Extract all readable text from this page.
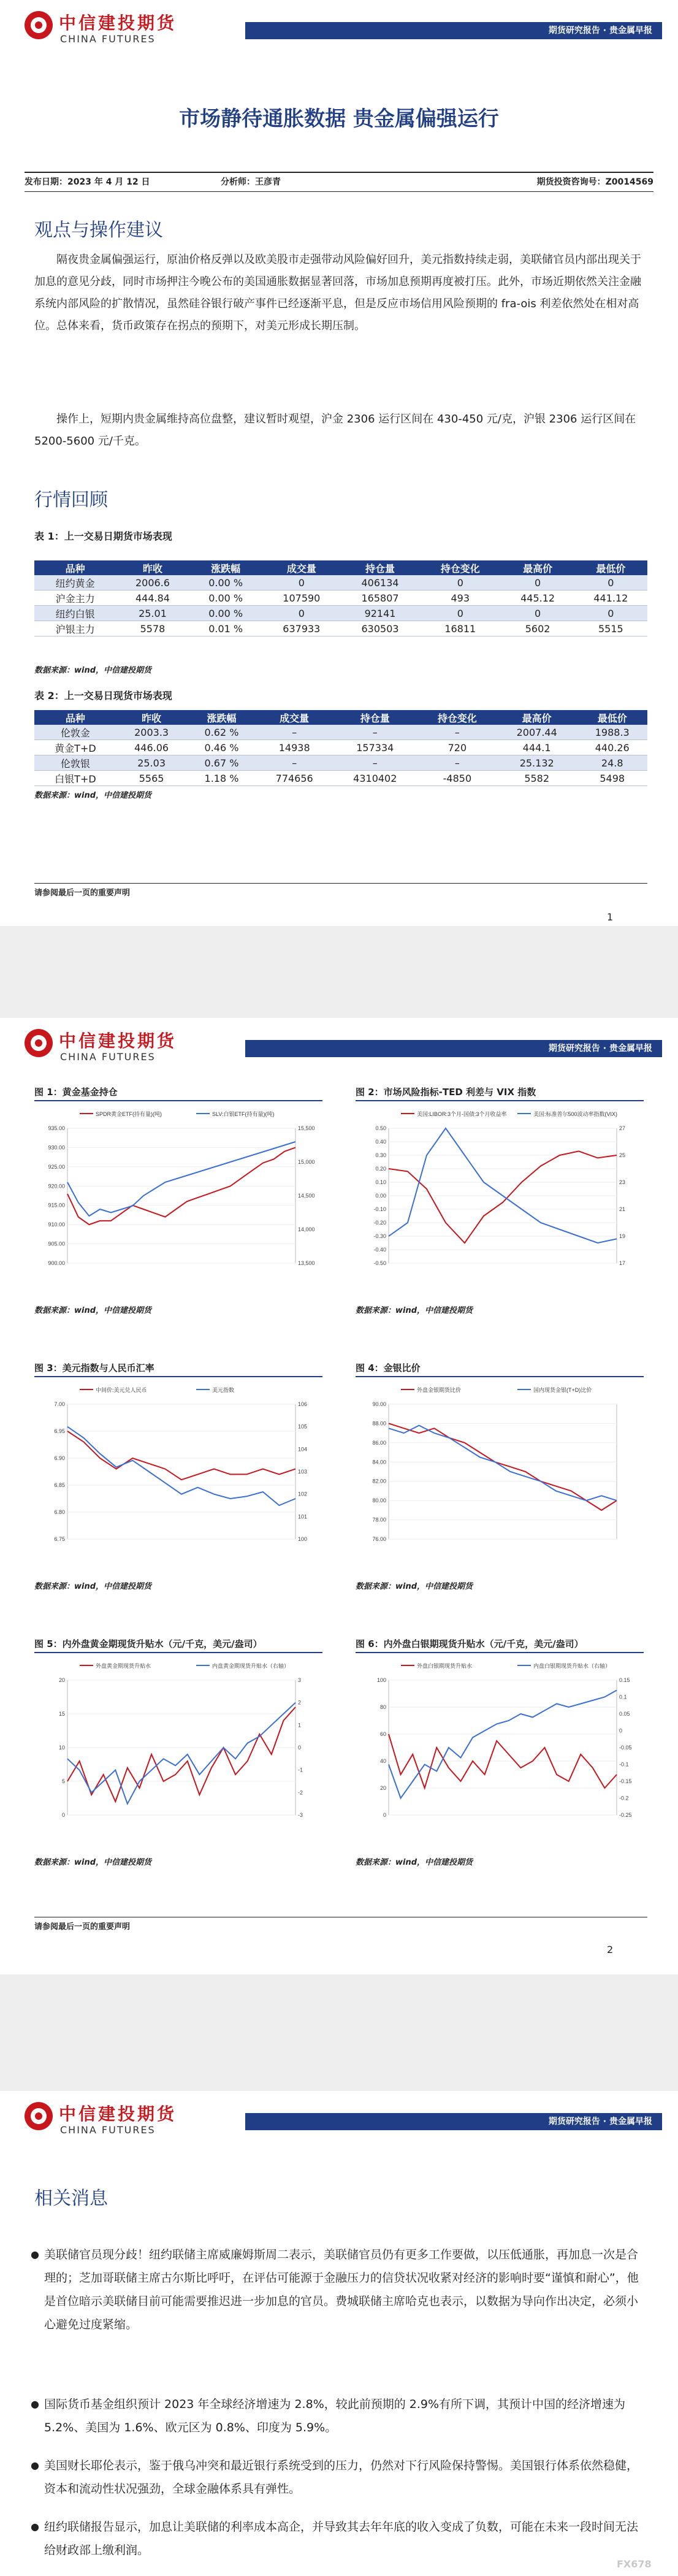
中信建投期货
CHINA FUTURES
期货研究报告 · 贵金属早报
市场静待通胀数据 贵金属偏强运行
发布日期：2023 年 4 月 12 日	分析师：王彦青	期货投资咨询号：Z0014569
观点与操作建议
隔夜贵金属偏强运行，原油价格反弹以及欧美股市走强带动风险偏好回升，美元指数持续走弱，美联储官员内部出现关于加息的意见分歧，同时市场押注今晚公布的美国通胀数据显著回落，市场加息预期再度被打压。此外，市场近期依然关注金融系统内部风险的扩散情况，虽然硅谷银行破产事件已经逐渐平息，但是反应市场信用风险预期的 fra-ois 利差依然处在相对高位。总体来看，货币政策存在拐点的预期下，对美元形成长期压制。
操作上，短期内贵金属维持高位盘整，建议暂时观望，沪金 2306 运行区间在 430-450 元/克，沪银 2306 运行区间在 5200-5600 元/千克。
行情回顾
表 1：上一交易日期货市场表现
品种	昨收	涨跌幅	成交量	持仓量	持仓变化	最高价	最低价
纽约黄金	2006.6	0.00 %	0	406134	0	0	0
沪金主力	444.84	0.00 %	107590	165807	493	445.12	441.12
纽约白银	25.01	0.00 %	0	92141	0	0	0
沪银主力	5578	0.01 %	637933	630503	16811	5602	5515
数据来源：wind，中信建投期货
表 2：上一交易日现货市场表现
品种	昨收	涨跌幅	成交量	持仓量	持仓变化	最高价	最低价
伦敦金	2003.3	0.62 %	–	–	–	2007.44	1988.3
黄金T+D	446.06	0.46 %	14938	157334	720	444.1	440.26
伦敦银	25.03	0.67 %	–	–	–	25.132	24.8
白银T+D	5565	1.18 %	774656	4310402	-4850	5582	5498
数据来源：wind，中信建投期货
请参阅最后一页的重要声明
1
中信建投期货
CHINA FUTURES
期货研究报告 · 贵金属早报
图 1：黄金基金持仓
SPDR黄金ETF(持有量)(吨)	SLV:白银ETF(持有量)(吨)
935.00
930.00
925.00
920.00
915.00
910.00
905.00
900.00
15,500
15,000
14,500
14,000
13,500
数据来源：wind，中信建投期货
图 2：市场风险指标-TED 利差与 VIX 指数
美国:LIBOR:3个月-国债:3个月收益率	美国:标准普尔500波动率指数(VIX)
0.50
0.40
0.30
0.20
0.10
0.00
-0.10
-0.20
-0.30
-0.40
-0.50
27
25
23
21
19
17
数据来源：wind，中信建投期货
图 3：美元指数与人民币汇率
中间价:美元兑人民币	美元指数
7.00
6.95
6.90
6.85
6.80
6.75
106
105
104
103
102
101
100
数据来源：wind，中信建投期货
图 4：金银比价
外盘金银期货比价	国内现货金银(T+D)比价
90.00
88.00
86.00
84.00
82.00
80.00
78.00
76.00
数据来源：wind，中信建投期货
图 5：内外盘黄金期现货升贴水（元/千克，美元/盎司）
外盘黄金期现货升贴水	内盘黄金期现货升贴水（右轴）
20
15
10
5
0
3
2
1
0
-1
-2
-3
数据来源：wind，中信建投期货
图 6：内外盘白银期现货升贴水（元/千克，美元/盎司）
外盘白银期现货升贴水	内盘白银期现货升贴水（右轴）
100
80
60
40
20
0
0.15
0.1
0.05
0
-0.05
-0.1
-0.15
-0.2
-0.25
数据来源：wind，中信建投期货
请参阅最后一页的重要声明
2
中信建投期货
CHINA FUTURES
期货研究报告 · 贵金属早报
相关消息
● 美联储官员现分歧！纽约联储主席威廉姆斯周二表示，美联储官员仍有更多工作要做，以压低通胀，再加息一次是合理的；芝加哥联储主席古尔斯比呼吁，在评估可能源于金融压力的信贷状况收紧对经济的影响时要“谨慎和耐心”，他是首位暗示美联储目前可能需要推迟进一步加息的官员。费城联储主席哈克也表示，以数据为导向作出决定，必须小心避免过度紧缩。
● 国际货币基金组织预计 2023 年全球经济增速为 2.8%，较此前预期的 2.9%有所下调，其预计中国的经济增速为 5.2%、美国为 1.6%、欧元区为 0.8%、印度为 5.9%。
● 美国财长耶伦表示，鉴于俄乌冲突和最近银行系统受到的压力，仍然对下行风险保持警惕。美国银行体系依然稳健，资本和流动性状况强劲，全球金融体系具有弹性。
● 纽约联储报告显示，加息让美联储的利率成本高企，并导致其去年年底的收入变成了负数，可能在未来一段时间无法给财政部上缴利润。
FX678
